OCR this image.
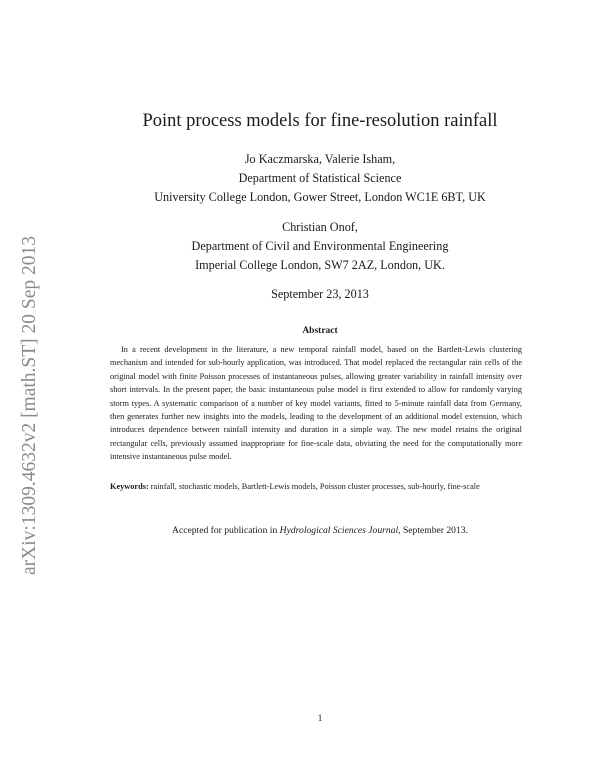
arXiv:1309.4632v2 [math.ST] 20 Sep 2013
Point process models for fine-resolution rainfall
Jo Kaczmarska, Valerie Isham,
Department of Statistical Science
University College London, Gower Street, London WC1E 6BT, UK
Christian Onof,
Department of Civil and Environmental Engineering
Imperial College London, SW7 2AZ, London, UK.
September 23, 2013
Abstract

In a recent development in the literature, a new temporal rainfall model, based on the Bartlett-Lewis clustering mechanism and intended for sub-hourly application, was introduced. That model replaced the rectangular rain cells of the original model with finite Poisson processes of instantaneous pulses, allowing greater variability in rainfall intensity over short intervals. In the present paper, the basic instantaneous pulse model is first extended to allow for randomly varying storm types. A systematic comparison of a number of key model variants, fitted to 5-minute rainfall data from Germany, then generates further new insights into the models, leading to the development of an additional model extension, which introduces dependence between rainfall intensity and duration in a simple way. The new model retains the original rectangular cells, previously assumed inappropriate for fine-scale data, obviating the need for the computationally more intensive instantaneous pulse model.

Keywords: rainfall, stochastic models, Bartlett-Lewis models, Poisson cluster processes, sub-hourly, fine-scale

Accepted for publication in Hydrological Sciences Journal, September 2013.
1
